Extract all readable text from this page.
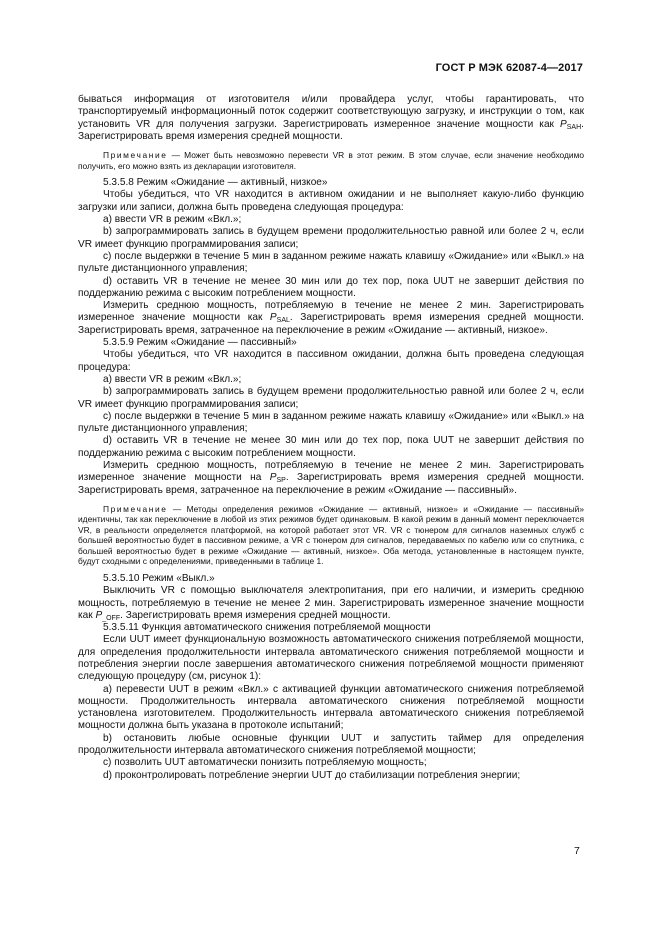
ГОСТ Р МЭК 62087-4—2017

бываться информация от изготовителя и/или провайдера услуг, чтобы гарантировать, что транспортируемый информационный поток содержит соответствующую загрузку, и инструкции о том, как установить VR для получения загрузки. Зарегистрировать измеренное значение мощности как $P_{SAH}$. Зарегистрировать время измерения средней мощности.

Примечание — Может быть невозможно перевести VR в этот режим. В этом случае, если значение необходимо получить, его можно взять из декларации изготовителя.

5.3.5.8 Режим «Ожидание — активный, низкое»

Чтобы убедиться, что VR находится в активном ожидании и не выполняет какую-либо функцию загрузки или записи, должна быть проведена следующая процедура:

а) ввести VR в режим «Вкл.»;

b) запрограммировать запись в будущем времени продолжительностью равной или более 2 ч, если VR имеет функцию программирования записи;

c) после выдержки в течение 5 мин в заданном режиме нажать клавишу «Ожидание» или «Выкл.» на пульте дистанционного управления;

d) оставить VR в течение не менее 30 мин или до тех пор, пока UUT не завершит действия по поддержанию режима с высоким потреблением мощности.

Измерить среднюю мощность, потребляемую в течение не менее 2 мин. Зарегистрировать измеренное значение мощности как $P_{SAL}$. Зарегистрировать время измерения средней мощности. Зарегистрировать время, затраченное на переключение в режим «Ожидание — активный, низкое».

5.3.5.9 Режим «Ожидание — пассивный»

Чтобы убедиться, что VR находится в пассивном ожидании, должна быть проведена следующая процедура:

а) ввести VR в режим «Вкл.»;

b) запрограммировать запись в будущем времени продолжительностью равной или более 2 ч, если VR имеет функцию программирования записи;

c) после выдержки в течение 5 мин в заданном режиме нажать клавишу «Ожидание» или «Выкл.» на пульте дистанционного управления;

d) оставить VR в течение не менее 30 мин или до тех пор, пока UUT не завершит действия по поддержанию режима с высоким потреблением мощности.

Измерить среднюю мощность, потребляемую в течение не менее 2 мин. Зарегистрировать измеренное значение мощности на $P_{SP}$. Зарегистрировать время измерения средней мощности. Зарегистрировать время, затраченное на переключение в режим «Ожидание — пассивный».

Примечание — Методы определения режимов «Ожидание — активный, низкое» и «Ожидание — пассивный» идентичны, так как переключение в любой из этих режимов будет одинаковым. В какой режим в данный момент переключается VR, в реальности определяется платформой, на которой работает этот VR. VR с тюнером для сигналов наземных служб с большей вероятностью будет в пассивном режиме, а VR с тюнером для сигналов, передаваемых по кабелю или со спутника, с большей вероятностью будет в режиме «Ожидание — активный, низкое». Оба метода, установленные в настоящем пункте, будут сходными с определениями, приведенными в таблице 1.

5.3.5.10 Режим «Выкл.»

Выключить VR с помощью выключателя электропитания, при его наличии, и измерить среднюю мощность, потребляемую в течение не менее 2 мин. Зарегистрировать измеренное значение мощности как $P_{\_OFF}$. Зарегистрировать время измерения средней мощности.

5.3.5.11 Функция автоматического снижения потребляемой мощности

Если UUT имеет функциональную возможность автоматического снижения потребляемой мощности, для определения продолжительности интервала автоматического снижения потребляемой мощности и потребления энергии после завершения автоматического снижения потребляемой мощности применяют следующую процедуру (см, рисунок 1):

а) перевести UUT в режим «Вкл.» с активацией функции автоматического снижения потребляемой мощности. Продолжительность интервала автоматического снижения потребляемой мощности установлена изготовителем. Продолжительность интервала автоматического снижения потребляемой мощности должна быть указана в протоколе испытаний;

b) остановить любые основные функции UUT и запустить таймер для определения продолжительности интервала автоматического снижения потребляемой мощности;

c) позволить UUT автоматически понизить потребляемую мощность;

d) проконтролировать потребление энергии UUT до стабилизации потребления энергии;

7
